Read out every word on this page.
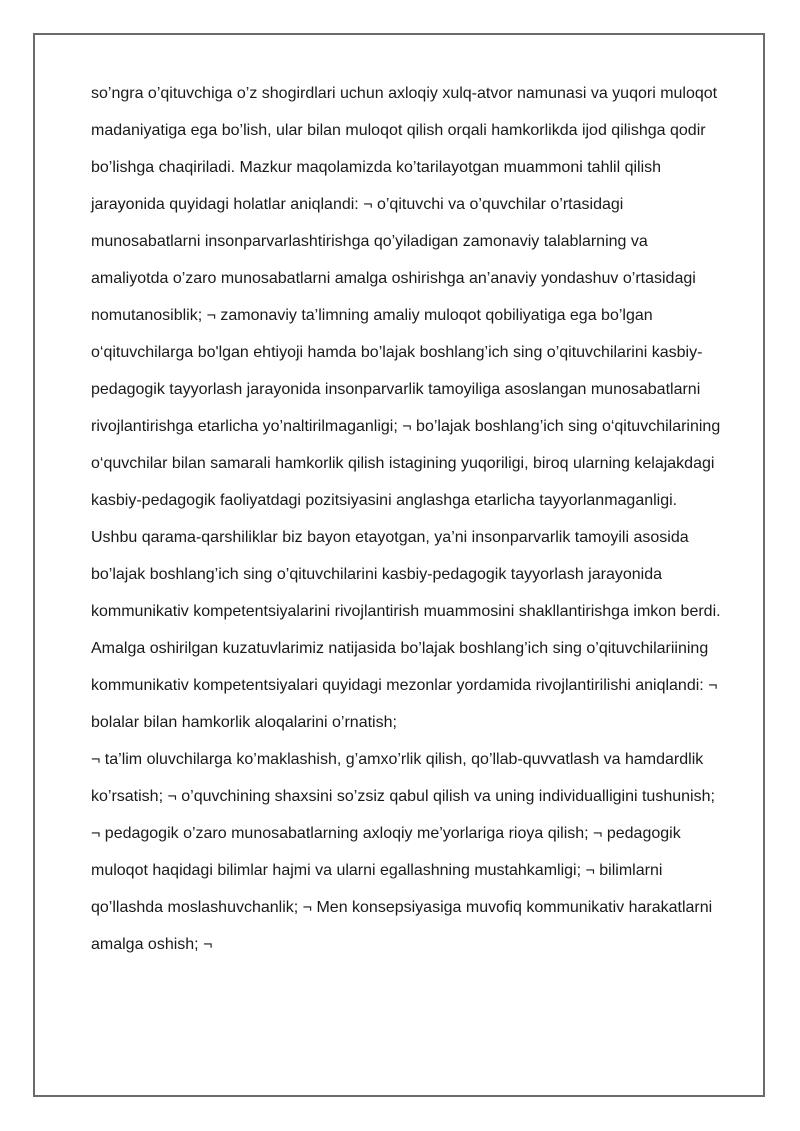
so’ngra o’qituvchiga o’z shogirdlari uchun axloqiy xulq-atvor namunasi va yuqori muloqot madaniyatiga ega bo’lish, ular bilan muloqot qilish orqali hamkorlikda ijod qilishga qodir bo’lishga chaqiriladi. Mazkur maqolamizda ko’tarilayotgan muammoni tahlil qilish jarayonida quyidagi holatlar aniqlandi: ¬ o’qituvchi va o’quvchilar o’rtasidagi munosabatlarni insonparvarlashtirishga qo’yiladigan zamonaviy talablarning va amaliyotda o’zaro munosabatlarni amalga oshirishga an’anaviy yondashuv o’rtasidagi nomutanosiblik; ¬ zamonaviy ta’limning amaliy muloqot qobiliyatiga ega bo’lgan o‘qituvchilarga bo'lgan ehtiyoji hamda bo’lajak boshlang’ich sing o’qituvchilarini kasbiy-pedagogik tayyorlash jarayonida insonparvarlik tamoyiliga asoslangan munosabatlarni rivojlantirishga etarlicha yo’naltirilmaganligi; ¬ bo’lajak boshlang’ich sing o‘qituvchilarining o‘quvchilar bilan samarali hamkorlik qilish istagining yuqoriligi, biroq ularning kelajakdagi kasbiy-pedagogik faoliyatdagi pozitsiyasini anglashga etarlicha tayyorlanmaganligi. Ushbu qarama-qarshiliklar biz bayon etayotgan, ya’ni insonparvarlik tamoyili asosida bo’lajak boshlang’ich sing o’qituvchilarini kasbiy-pedagogik tayyorlash jarayonida kommunikativ kompetentsiyalarini rivojlantirish muammosini shakllantirishga imkon berdi. Amalga oshirilgan kuzatuvlarimiz natijasida bo’lajak boshlang’ich sing o’qituvchilariining kommunikativ kompetentsiyalari quyidagi mezonlar yordamida rivojlantirilishi aniqlandi: ¬ bolalar bilan hamkorlik aloqalarini o’rnatish;

¬ ta’lim oluvchilarga ko’maklashish, g’amxo’rlik qilish, qo’llab-quvvatlash va hamdardlik ko’rsatish; ¬ o’quvchining shaxsini so’zsiz qabul qilish va uning individualligini tushunish; ¬ pedagogik o’zaro munosabatlarning axloqiy me’yorlariga rioya qilish; ¬ pedagogik muloqot haqidagi bilimlar hajmi va ularni egallashning mustahkamligi; ¬ bilimlarni qo’llashda moslashuvchanlik; ¬ Men konsepsiyasiga muvofiq kommunikativ harakatlarni amalga oshish; ¬
